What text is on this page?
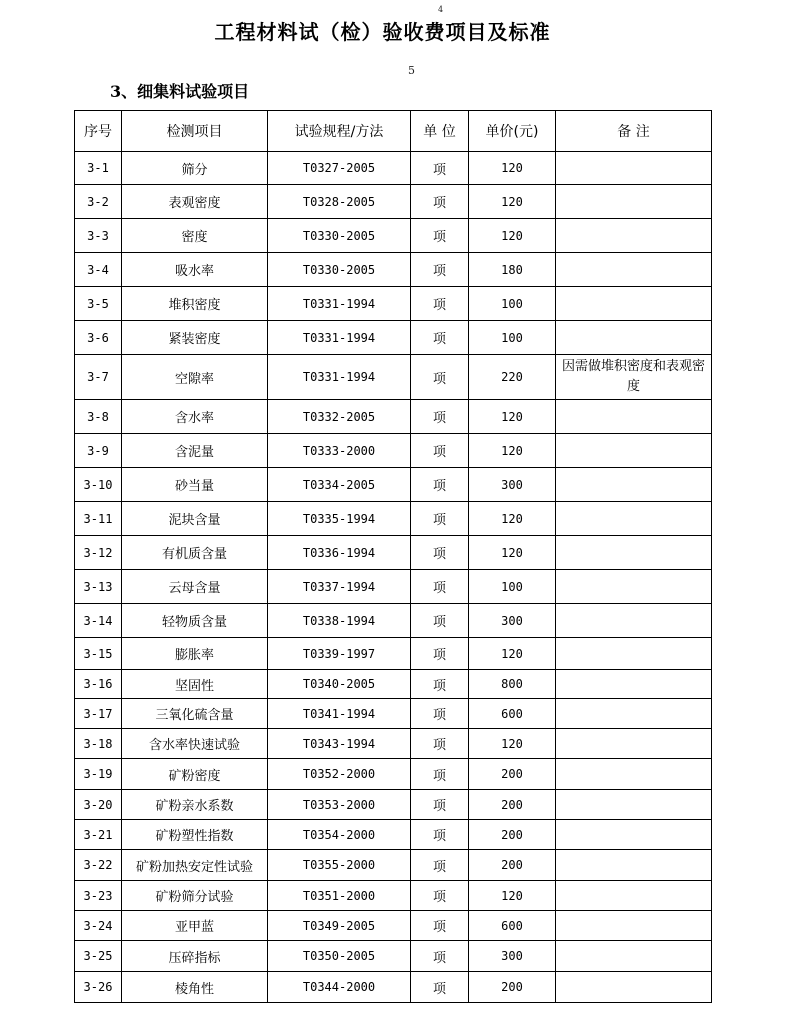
4
工程材料试（检）验收费项目及标准
5
3、细集料试验项目
序号	检测项目	试验规程/方法	单 位	单价(元)	备 注
3-1	筛分	T0327-2005	项	120	
3-2	表观密度	T0328-2005	项	120	
3-3	密度	T0330-2005	项	120	
3-4	吸水率	T0330-2005	项	180	
3-5	堆积密度	T0331-1994	项	100	
3-6	紧装密度	T0331-1994	项	100	
3-7	空隙率	T0331-1994	项	220	因需做堆积密度和表观密度
3-8	含水率	T0332-2005	项	120	
3-9	含泥量	T0333-2000	项	120	
3-10	砂当量	T0334-2005	项	300	
3-11	泥块含量	T0335-1994	项	120	
3-12	有机质含量	T0336-1994	项	120	
3-13	云母含量	T0337-1994	项	100	
3-14	轻物质含量	T0338-1994	项	300	
3-15	膨胀率	T0339-1997	项	120	
3-16	坚固性	T0340-2005	项	800	
3-17	三氧化硫含量	T0341-1994	项	600	
3-18	含水率快速试验	T0343-1994	项	120	
3-19	矿粉密度	T0352-2000	项	200	
3-20	矿粉亲水系数	T0353-2000	项	200	
3-21	矿粉塑性指数	T0354-2000	项	200	
3-22	矿粉加热安定性试验	T0355-2000	项	200	
3-23	矿粉筛分试验	T0351-2000	项	120	
3-24	亚甲蓝	T0349-2005	项	600	
3-25	压碎指标	T0350-2005	项	300	
3-26	棱角性	T0344-2000	项	200	
